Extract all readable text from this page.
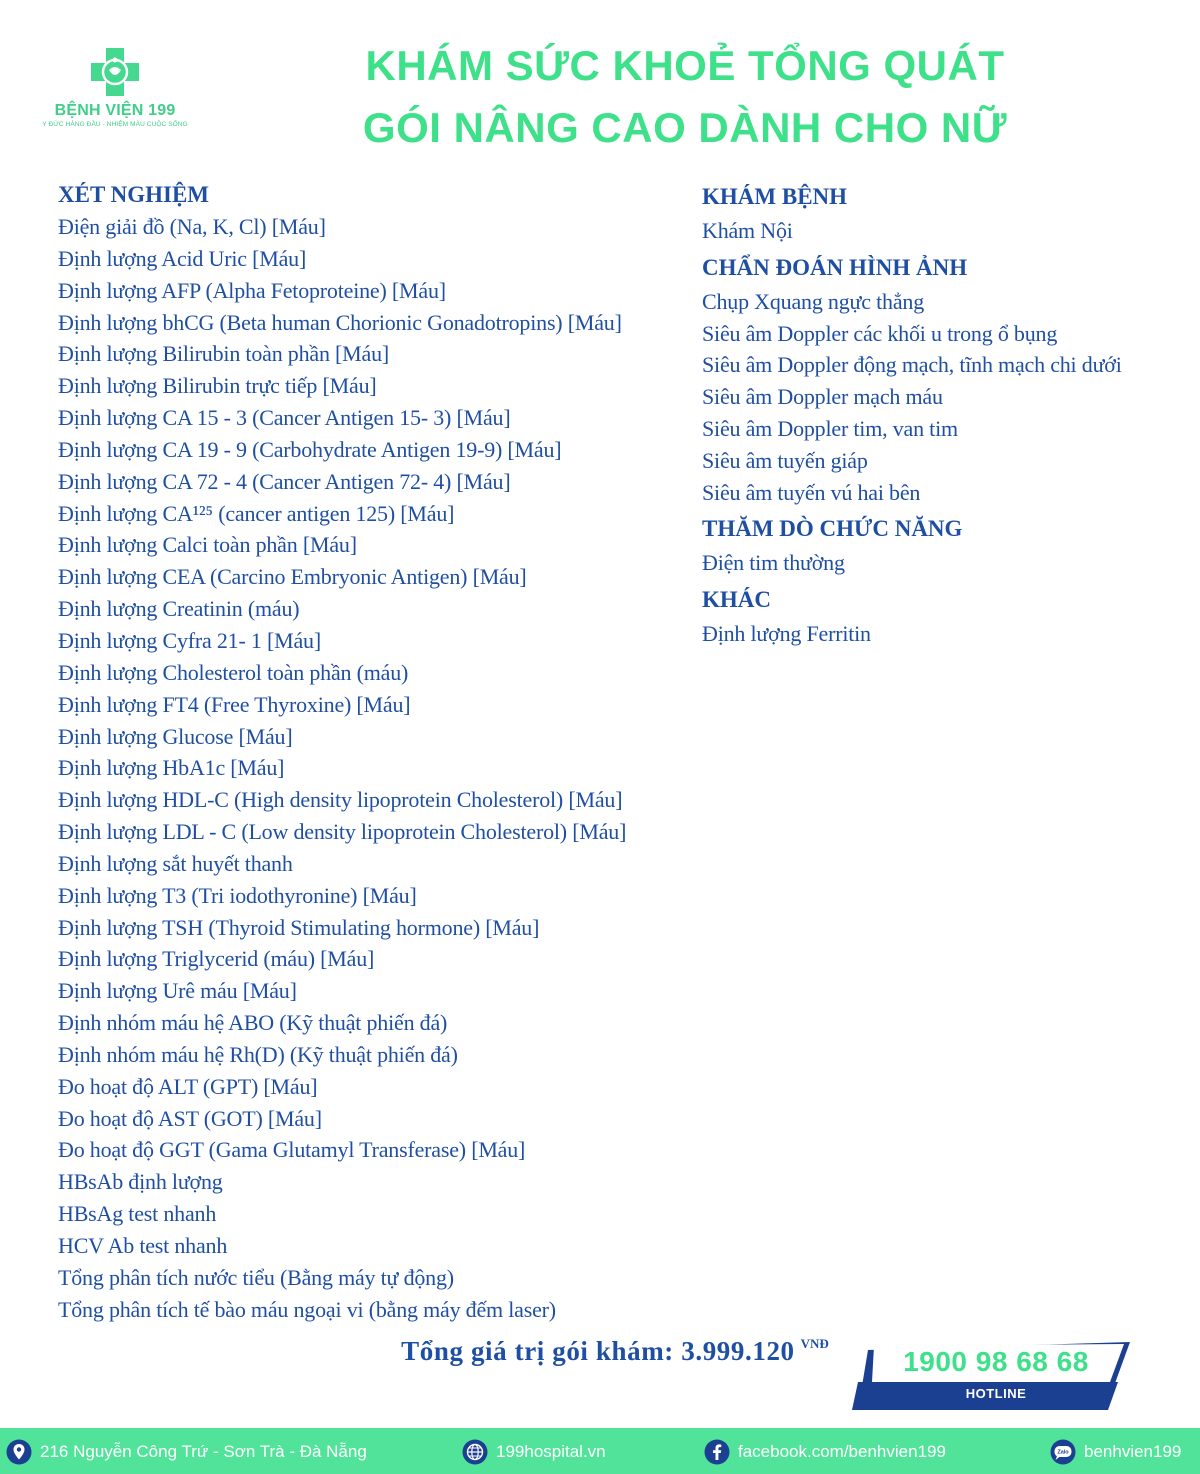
BỆNH VIỆN 199
Y ĐỨC HÀNG ĐẦU - NHIỆM MÀU CUỘC SỐNG
KHÁM SỨC KHOẺ TỔNG QUÁT
GÓI NÂNG CAO DÀNH CHO NỮ
XÉT NGHIỆM
Điện giải đồ (Na, K, Cl) [Máu]
Định lượng Acid Uric [Máu]
Định lượng AFP (Alpha Fetoproteine) [Máu]
Định lượng bhCG (Beta human Chorionic Gonadotropins) [Máu]
Định lượng Bilirubin toàn phần [Máu]
Định lượng Bilirubin trực tiếp [Máu]
Định lượng CA 15 - 3 (Cancer Antigen 15- 3) [Máu]
Định lượng CA 19 - 9 (Carbohydrate Antigen 19-9) [Máu]
Định lượng CA 72 - 4 (Cancer Antigen 72- 4) [Máu]
Định lượng CA¹²⁵ (cancer antigen 125) [Máu]
Định lượng Calci toàn phần [Máu]
Định lượng CEA (Carcino Embryonic Antigen) [Máu]
Định lượng Creatinin (máu)
Định lượng Cyfra 21- 1 [Máu]
Định lượng Cholesterol toàn phần (máu)
Định lượng FT4 (Free Thyroxine) [Máu]
Định lượng Glucose [Máu]
Định lượng HbA1c [Máu]
Định lượng HDL-C (High density lipoprotein Cholesterol) [Máu]
Định lượng LDL - C (Low density lipoprotein Cholesterol) [Máu]
Định lượng sắt huyết thanh
Định lượng T3 (Tri iodothyronine) [Máu]
Định lượng TSH (Thyroid Stimulating hormone) [Máu]
Định lượng Triglycerid (máu) [Máu]
Định lượng Urê máu [Máu]
Định nhóm máu hệ ABO (Kỹ thuật phiến đá)
Định nhóm máu hệ Rh(D) (Kỹ thuật phiến đá)
Đo hoạt độ ALT (GPT) [Máu]
Đo hoạt độ AST (GOT) [Máu]
Đo hoạt độ GGT (Gama Glutamyl Transferase) [Máu]
HBsAb định lượng
HBsAg test nhanh
HCV Ab test nhanh
Tổng phân tích nước tiểu (Bằng máy tự động)
Tổng phân tích tế bào máu ngoại vi (bằng máy đếm laser)
KHÁM BỆNH
Khám Nội
CHẨN ĐOÁN HÌNH ẢNH
Chụp Xquang ngực thẳng
Siêu âm Doppler các khối u trong ổ bụng
Siêu âm Doppler động mạch, tĩnh mạch chi dưới
Siêu âm Doppler mạch máu
Siêu âm Doppler tim, van tim
Siêu âm tuyến giáp
Siêu âm tuyến vú hai bên
THĂM DÒ CHỨC NĂNG
Điện tim thường
KHÁC
Định lượng Ferritin
Tổng giá trị gói khám: 3.999.120 $^{VNĐ}$
1900 98 68 68
HOTLINE
216 Nguyễn Công Trứ - Sơn Trà - Đà Nẵng	199hospital.vn	facebook.com/benhvien199	Zalo benhvien199
